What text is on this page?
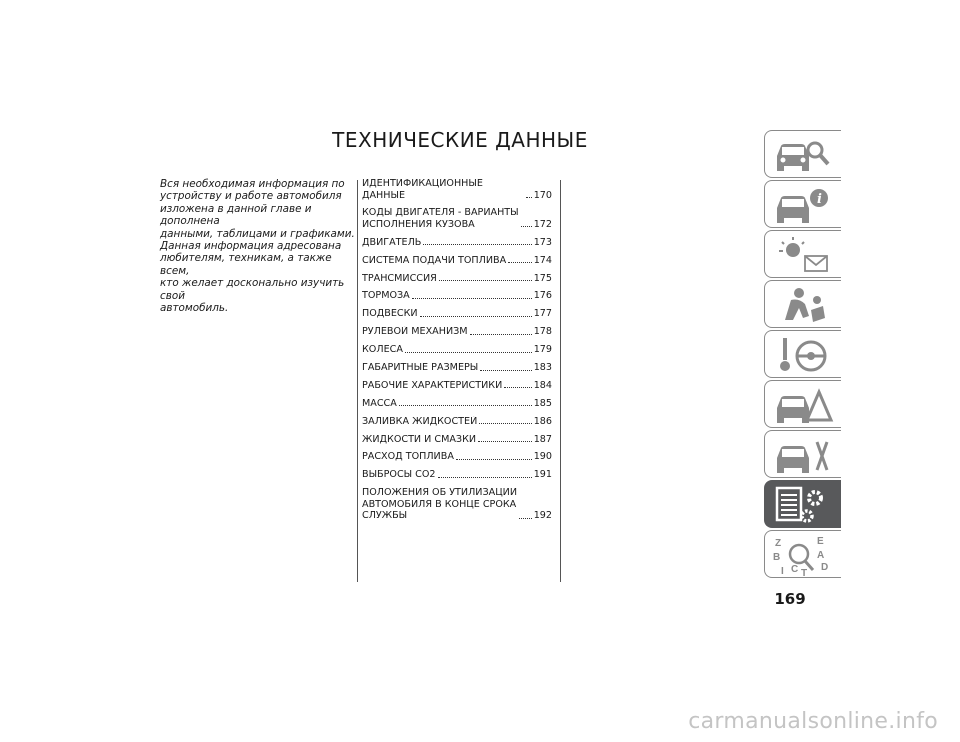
ТЕХНИЧЕСКИЕ ДАННЫЕ

Вся необходимая информация по
устройству и работе автомобиля
изложена в данной главе и дополнена
данными, таблицами и графиками.
Данная информация адресована
любителям, техникам, а также всем,
кто желает досконально изучить свой
автомобиль.

ИДЕНТИФИКАЦИОННЫЕ ДАННЫЕ	170
КОДЫ ДВИГАТЕЛЯ - ВАРИАНТЫ
ИСПОЛНЕНИЯ КУЗОВА	172
ДВИГАТЕЛЬ	173
СИСТЕМА ПОДАЧИ ТОПЛИВА	174
ТРАНСМИССИЯ	175
ТОРМОЗА	176
ПОДВЕСКИ	177
РУЛЕВОЙ МЕХАНИЗМ	178
КОЛЕСА	179
ГАБАРИТНЫЕ РАЗМЕРЫ	183
РАБОЧИЕ ХАРАКТЕРИСТИКИ	184
МАССА	185
ЗАЛИВКА ЖИДКОСТЕЙ	186
ЖИДКОСТИ И СМАЗКИ	187
РАСХОД ТОПЛИВА	190
ВЫБРОСЫ CO2	191
ПОЛОЖЕНИЯ ОБ УТИЛИЗАЦИИ
АВТОМОБИЛЯ В КОНЦЕ СРОКА
СЛУЖБЫ	192
i
Z	E
B	A
I C T
D
169
carmanualsonline.info
